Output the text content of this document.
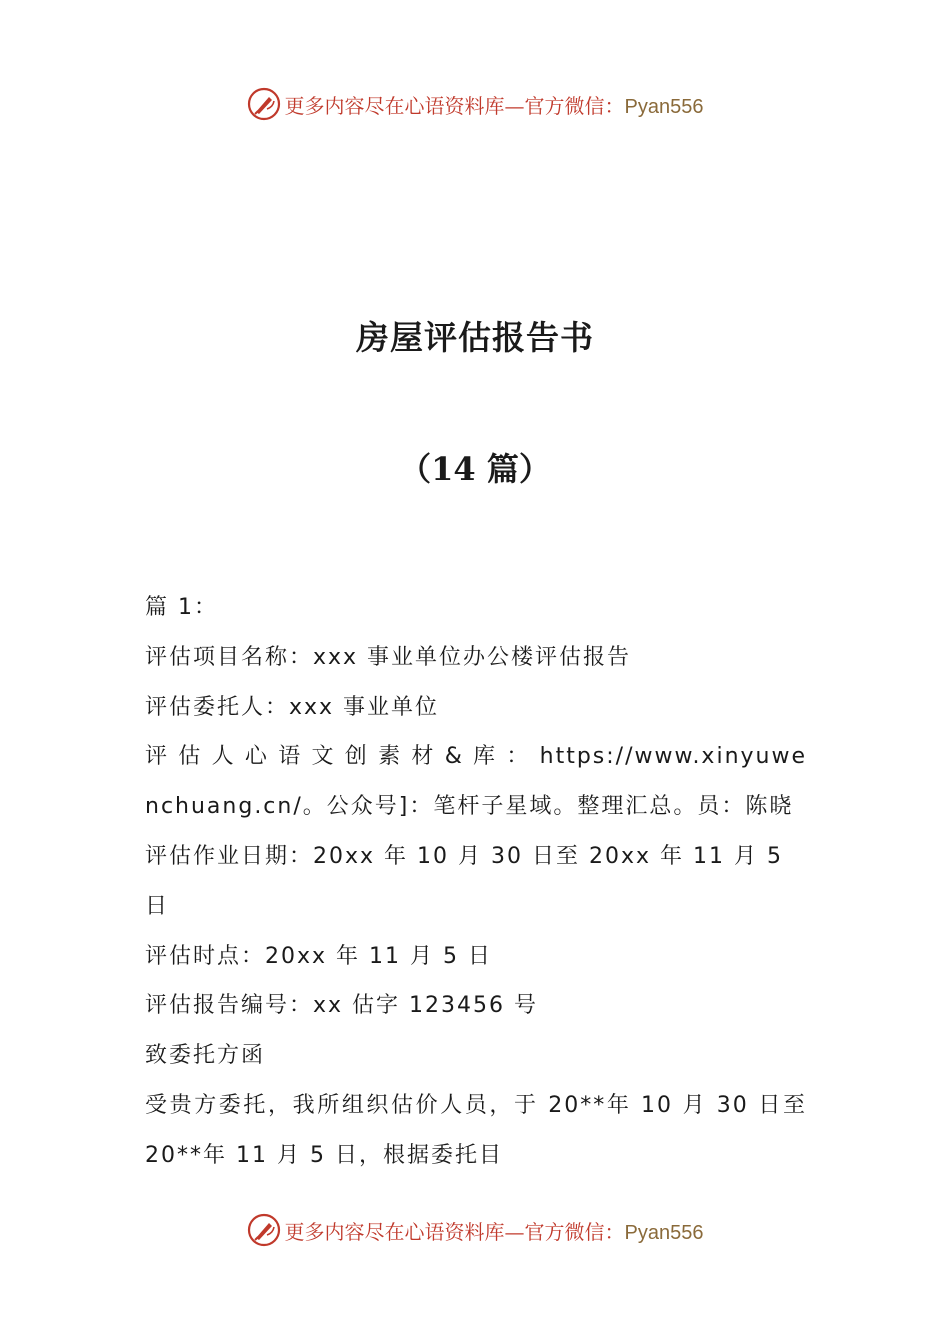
更多内容尽在心语资料库—官方微信：Pyan556
房屋评估报告书
（14 篇）

篇 1：

评估项目名称：xxx 事业单位办公楼评估报告

评估委托人：xxx 事业单位

评 估 人 心 语 文 创 素 材 & 库 ： https://www.xinyuwenchuang.cn/。公众号]：笔杆子星域。整理汇总。员：陈晓

评估作业日期：20xx 年 10 月 30 日至 20xx 年 11 月 5 日

评估时点：20xx 年 11 月 5 日

评估报告编号：xx 估字 123456 号

致委托方函

受贵方委托，我所组织估价人员，于 20**年 10 月 30 日至 20**年 11 月 5 日，根据委托目

更多内容尽在心语资料库—官方微信：Pyan556
